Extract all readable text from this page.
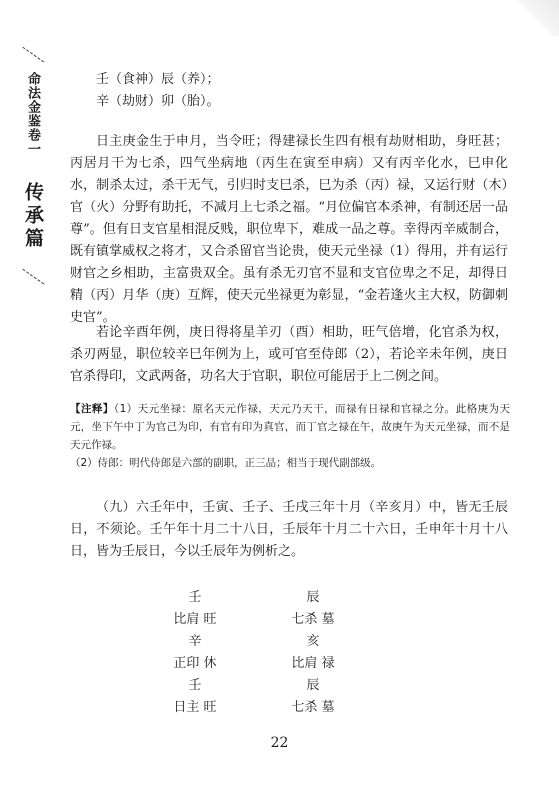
命法金鉴卷一
传承篇

壬（食神）辰（养）；

辛（劫财）卯（胎）。

日主庚金生于申月，当令旺；得建禄长生四有根有劫财相助，身旺甚；丙居月干为七杀，四气坐病地（丙生在寅至申病）又有丙辛化水，巳申化水，制杀太过，杀干无气，引归时支巳杀，巳为杀（丙）禄，又运行财（木）官（火）分野有助托，不减月上七杀之福。“月位偏官本杀神，有制还居一品尊”。但有日支官星相混反贱，职位卑下，难成一品之尊。幸得丙辛威制合，既有镇掌威权之将才，又合杀留官当论贵，使天元坐禄（1）得用，并有运行财官之乡相助，主富贵双全。虽有杀无刃官不显和支官位卑之不足，却得日精（丙）月华（庚）互辉，使天元坐禄更为彰显，“金若逢火主大权，防御刺史官”。

若论辛酉年例，庚日得将星羊刃（酉）相助，旺气倍增，化官杀为权，杀刃两显，职位较辛巳年例为上，或可官至侍郎（2），若论辛未年例，庚日官杀得印，文武两备，功名大于官职，职位可能居于上二例之间。

【注释】（1）天元坐禄：原名天元作禄，天元乃天干，而禄有日禄和官禄之分。此格庚为天元，坐下午中丁为官己为印，有官有印为真官，而丁官之禄在午，故庚午为天元坐禄，而不是天元作禄。

（2）侍郎：明代侍郎是六部的副职，正三品；相当于现代副部级。

（九）六壬年中，壬寅、壬子、壬戌三年十月（辛亥月）中，皆无壬辰日，不须论。壬午年十月二十八日，壬辰年十月二十六日，壬申年十月十八日，皆为壬辰日，今以壬辰年为例析之。

壬	辰
比肩 旺	七杀 墓
辛	亥
正印 休	比肩 禄
壬	辰
日主 旺	七杀 墓
22
